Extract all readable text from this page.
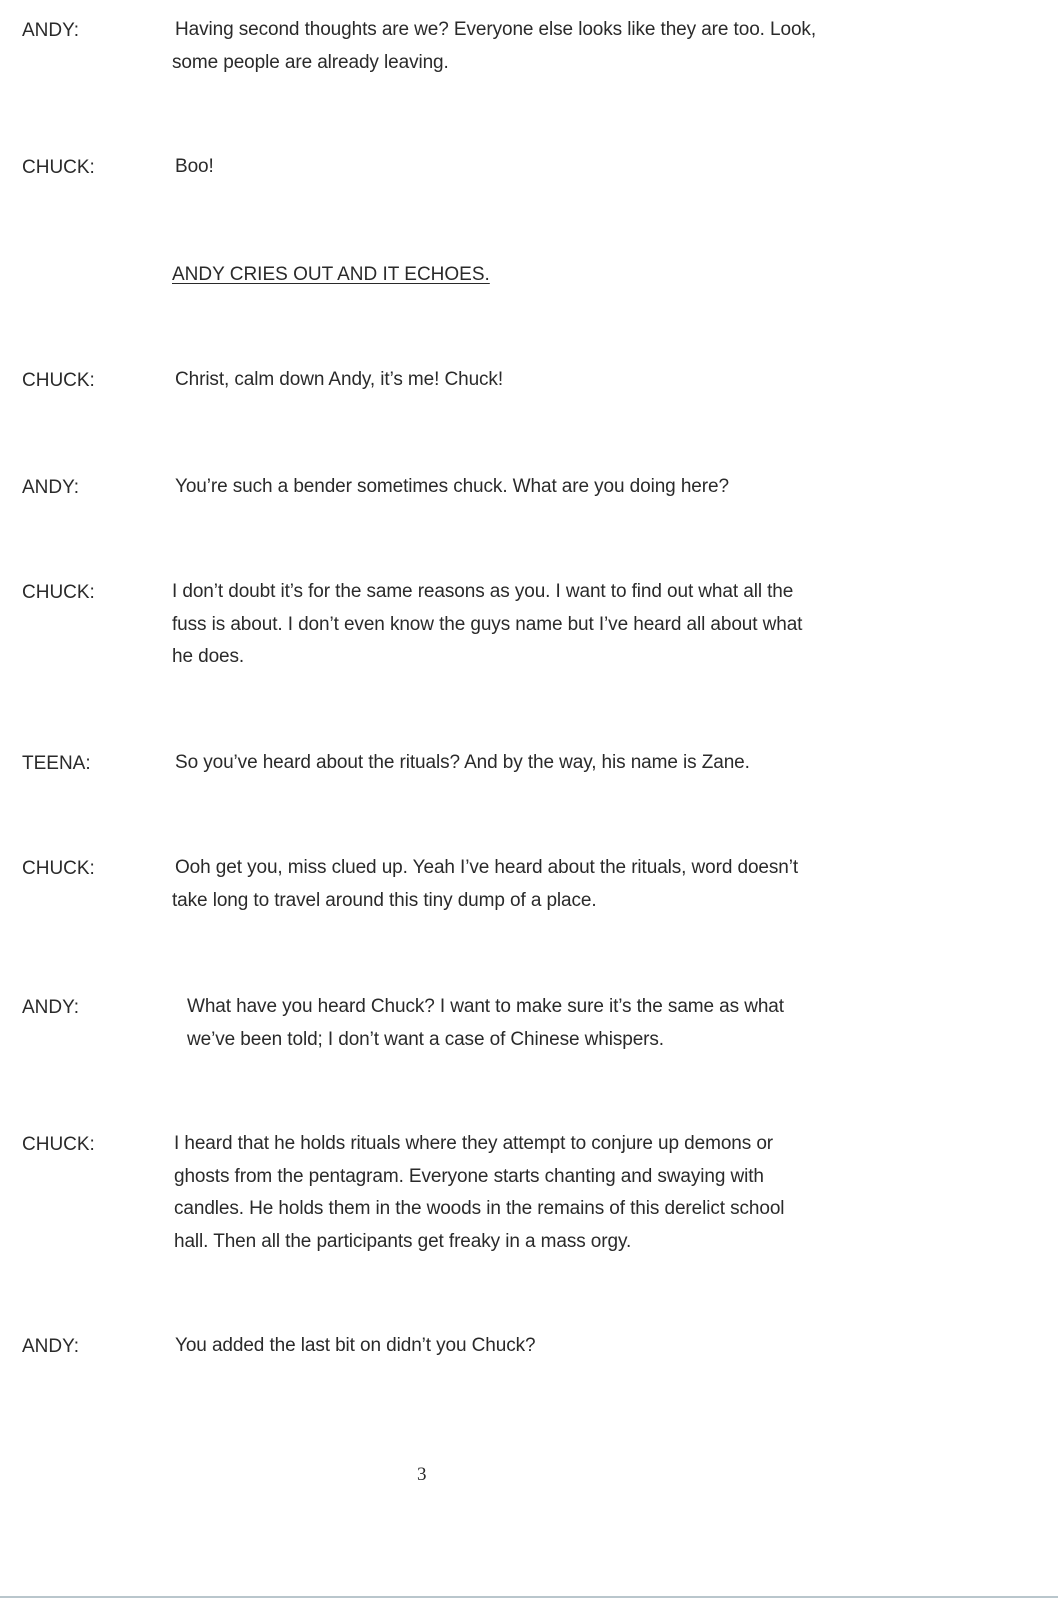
ANDY:	Having second thoughts are we? Everyone else looks like they are too. Look,
some people are already leaving.
CHUCK:	Boo!
ANDY CRIES OUT AND IT ECHOES.
CHUCK:	Christ, calm down Andy, it’s me! Chuck!
ANDY:	You’re such a bender sometimes chuck. What are you doing here?
CHUCK:	I don’t doubt it’s for the same reasons as you. I want to find out what all the
fuss is about. I don’t even know the guys name but I’ve heard all about what
he does.
TEENA:	So you’ve heard about the rituals? And by the way, his name is Zane.
CHUCK:	Ooh get you, miss clued up. Yeah I’ve heard about the rituals, word doesn’t
take long to travel around this tiny dump of a place.
ANDY:	What have you heard Chuck? I want to make sure it’s the same as what
we’ve been told; I don’t want a case of Chinese whispers.
CHUCK:	I heard that he holds rituals where they attempt to conjure up demons or
ghosts from the pentagram. Everyone starts chanting and swaying with
candles. He holds them in the woods in the remains of this derelict school
hall. Then all the participants get freaky in a mass orgy.
ANDY:	You added the last bit on didn’t you Chuck?
3
